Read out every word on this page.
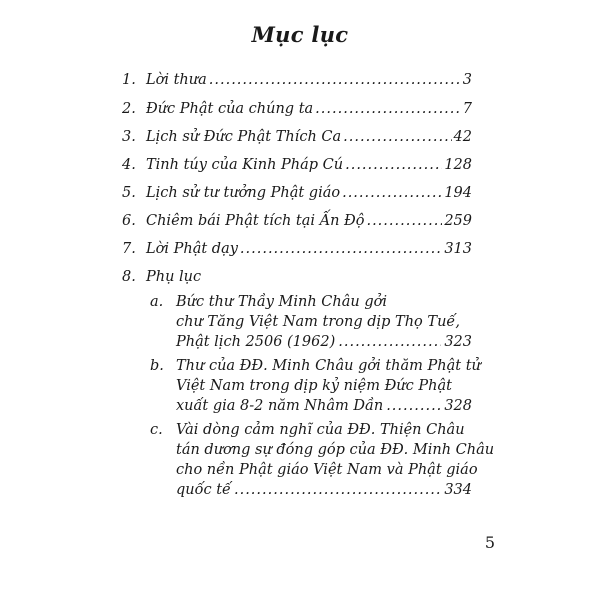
Mục lục
1. Lời thưa .....	3
2. Đức Phật của chúng ta .....	7
3. Lịch sử Đức Phật Thích Ca .....	42
4. Tinh túy của Kinh Pháp Cú .....	128
5. Lịch sử tư tưởng Phật giáo .....	194
6. Chiêm bái Phật tích tại Ấn Độ .....	259
7. Lời Phật dạy .....	313
8. Phụ lục
a. Bức thư Thầy Minh Châu gởi
chư Tăng Việt Nam trong dịp Thọ Tuế,
Phật lịch 2506 (1962) .....	323
b. Thư của ĐĐ. Minh Châu gởi thăm Phật tử
Việt Nam trong dịp kỷ niệm Đức Phật
xuất gia 8-2 năm Nhâm Dần .....	328
c. Vài dòng cảm nghĩ của ĐĐ. Thiện Châu
tán dương sự đóng góp của ĐĐ. Minh Châu
cho nền Phật giáo Việt Nam và Phật giáo
quốc tế .....	334
5
